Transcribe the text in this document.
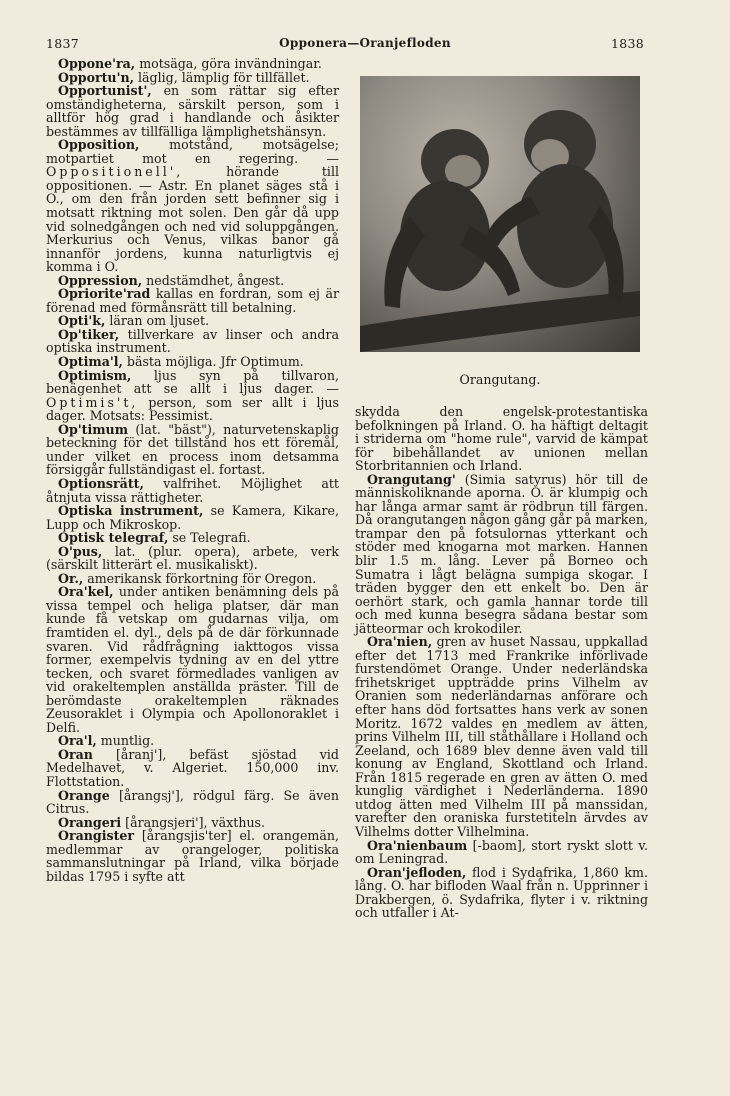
1837	Opponera—Oranjefloden	1838

Oppone'ra, motsäga, göra invändningar.

Opportu'n, läglig, lämplig för tillfället.

Opportunist', en som rättar sig efter omständigheterna, särskilt person, som i alltför hög grad i handlande och åsikter bestämmes av tillfälliga lämplighetshänsyn.

Opposition, motstånd, motsägelse; motpartiet mot en regering. — Oppositionell', hörande till oppositionen. — Astr. En planet säges stå i O., om den från jorden sett befinner sig i motsatt riktning mot solen. Den går då upp vid solnedgången och ned vid soluppgången. Merkurius och Venus, vilkas banor gå innanför jordens, kunna naturligtvis ej komma i O.

Oppression, nedstämdhet, ångest.

Opriorite'rad kallas en fordran, som ej är förenad med förmånsrätt till betalning.

Opti'k, läran om ljuset.

Op'tiker, tillverkare av linser och andra optiska instrument.

Optima'l, bästa möjliga. Jfr Optimum.

Optimism, ljus syn på tillvaron, benägenhet att se allt i ljus dager. — Optimis't, person, som ser allt i ljus dager. Motsats: Pessimist.

Op'timum (lat. "bäst"), naturvetenskaplig beteckning för det tillstånd hos ett föremål, under vilket en process inom detsamma försiggår fullständigast el. fortast.

Optionsrätt, valfrihet. Möjlighet att åtnjuta vissa rättigheter.

Optiska instrument, se Kamera, Kikare, Lupp och Mikroskop.

Optisk telegraf, se Telegrafi.

O'pus, lat. (plur. opera), arbete, verk (särskilt litterärt el. musikaliskt).

Or., amerikansk förkortning för Oregon.

Ora'kel, under antiken benämning dels på vissa tempel och heliga platser, där man kunde få vetskap om gudarnas vilja, om framtiden el. dyl., dels på de där förkunnade svaren. Vid rådfrågning iakttogos vissa former, exempelvis tydning av en del yttre tecken, och svaret förmedlades vanligen av vid orakeltemplen anställda präster. Till de berömdaste orakeltemplen räknades Zeusoraklet i Olympia och Apollonoraklet i Delfi.

Ora'l, muntlig.

Oran [åranj'], befäst sjöstad vid Medelhavet, v. Algeriet. 150,000 inv. Flottstation.

Orange [årangsj'], rödgul färg. Se även Citrus.

Orangeri [årangsjeri'], växthus.

Orangister [årangsjis'ter] el. orangemän, medlemmar av orangeloger, politiska sammanslutningar på Irland, vilka började bildas 1795 i syfte att

Orangutang.

skydda den engelsk-protestantiska befolkningen på Irland. O. ha häftigt deltagit i striderna om "home rule", varvid de kämpat för bibehållandet av unionen mellan Storbritannien och Irland.

Orangutang' (Simia satyrus) hör till de människoliknande aporna. O. är klumpig och har långa armar samt är rödbrun till färgen. Då orangutangen någon gång går på marken, trampar den på fotsulornas ytterkant och stöder med knogarna mot marken. Hannen blir 1.5 m. lång. Lever på Borneo och Sumatra i lågt belägna sumpiga skogar. I träden bygger den ett enkelt bo. Den är oerhört stark, och gamla hannar torde till och med kunna besegra sådana bestar som jätteormar och krokodiler.

Ora'nien, gren av huset Nassau, uppkallad efter det 1713 med Frankrike införlivade furstendömet Orange. Under nederländska frihetskriget uppträdde prins Vilhelm av Oranien som nederländarnas anförare och efter hans död fortsattes hans verk av sonen Moritz. 1672 valdes en medlem av ätten, prins Vilhelm III, till ståthållare i Holland och Zeeland, och 1689 blev denne även vald till konung av England, Skottland och Irland. Från 1815 regerade en gren av ätten O. med kunglig värdighet i Nederländerna. 1890 utdog ätten med Vilhelm III på manssidan, varefter den oraniska furstetiteln ärvdes av Vilhelms dotter Vilhelmina.

Ora'nienbaum [-baom], stort ryskt slott v. om Leningrad.

Oran'jefloden, flod i Sydafrika, 1,860 km. lång. O. har bifloden Waal från n. Upprinner i Drakbergen, ö. Sydafrika, flyter i v. riktning och utfaller i At-
